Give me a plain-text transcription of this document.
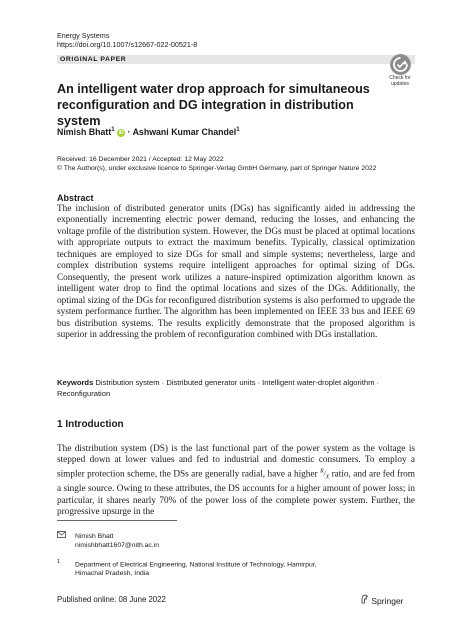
Energy Systems
https://doi.org/10.1007/s12667-022-00521-8
ORIGINAL PAPER
Check for
updates
An intelligent water drop approach for simultaneous reconfiguration and DG integration in distribution system
Nimish Bhatt$^1$ iD · Ashwani Kumar Chandel$^1$
Received: 16 December 2021 / Accepted: 12 May 2022
© The Author(s), under exclusive licence to Springer-Verlag GmbH Germany, part of Springer Nature 2022
Abstract
The inclusion of distributed generator units (DGs) has significantly aided in addressing the exponentially incrementing electric power demand, reducing the losses, and enhancing the voltage profile of the distribution system. However, the DGs must be placed at optimal locations with appropriate outputs to extract the maximum benefits. Typically, classical optimization techniques are employed to size DGs for small and simple systems; nevertheless, large and complex distribution systems require intelligent approaches for optimal sizing of DGs. Consequently, the present work utilizes a nature-inspired optimization algorithm known as intelligent water drop to find the optimal locations and sizes of the DGs. Additionally, the optimal sizing of the DGs for reconfigured distribution systems is also performed to upgrade the system performance further. The algorithm has been implemented on IEEE 33 bus and IEEE 69 bus distribution systems. The results explicitly demonstrate that the proposed algorithm is superior in addressing the problem of reconfiguration combined with DGs installation.
Keywords Distribution system · Distributed generator units · Intelligent water-droplet algorithm · Reconfiguration
1 Introduction
The distribution system (DS) is the last functional part of the power system as the voltage is stepped down at lower values and fed to industrial and domestic consumers. To employ a simpler protection scheme, the DSs are generally radial, have a higher $^R/_X$ ratio, and are fed from a single source. Owing to these attributes, the DS accounts for a higher amount of power loss; in particular, it shares nearly 70% of the power loss of the complete power system. Further, the progressive upsurge in the
Nimish Bhatt
nimishbhatt1607@nith.ac.in
$^1$ Department of Electrical Engineering, National Institute of Technology, Hamirpur,
Himachal Pradesh, India
Published online: 08 June 2022	Springer
